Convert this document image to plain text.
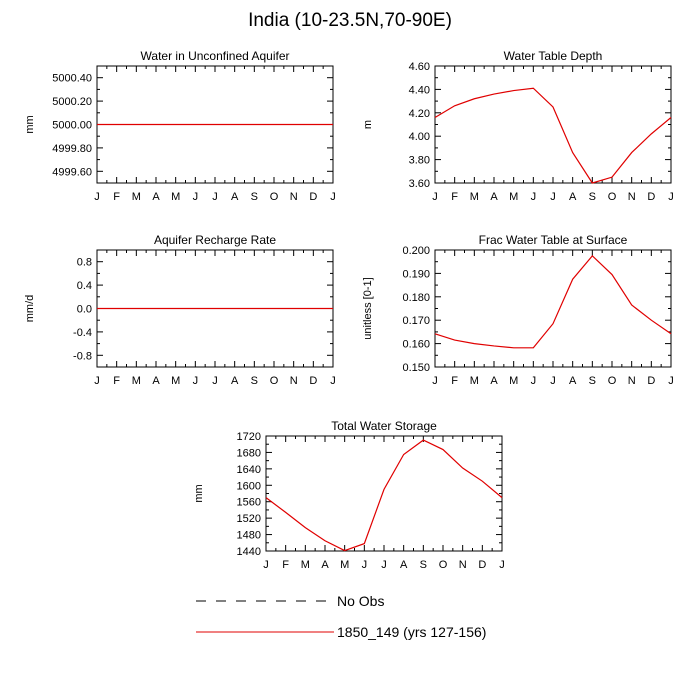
India (10-23.5N,70-90E)
Water in Unconfined Aquifer
J F M A M J J A S O N D J
4999.60
4999.80
5000.00
5000.20
5000.40
mm
Water Table Depth
J F M A M J J A S O N D J
3.60
3.80
4.00
4.20
4.40
4.60
m
Aquifer Recharge Rate
J F M A M J J A S O N D J
-0.8
-0.4
0.0
0.4
0.8
mm/d
Frac Water Table at Surface
J F M A M J J A S O N D J
0.150
0.160
0.170
0.180
0.190
0.200
unitless [0-1]
Total Water Storage
J F M A M J J A S O N D J
1440
1480
1520
1560
1600
1640
1680
1720
mm
No Obs
1850_149 (yrs 127-156)
